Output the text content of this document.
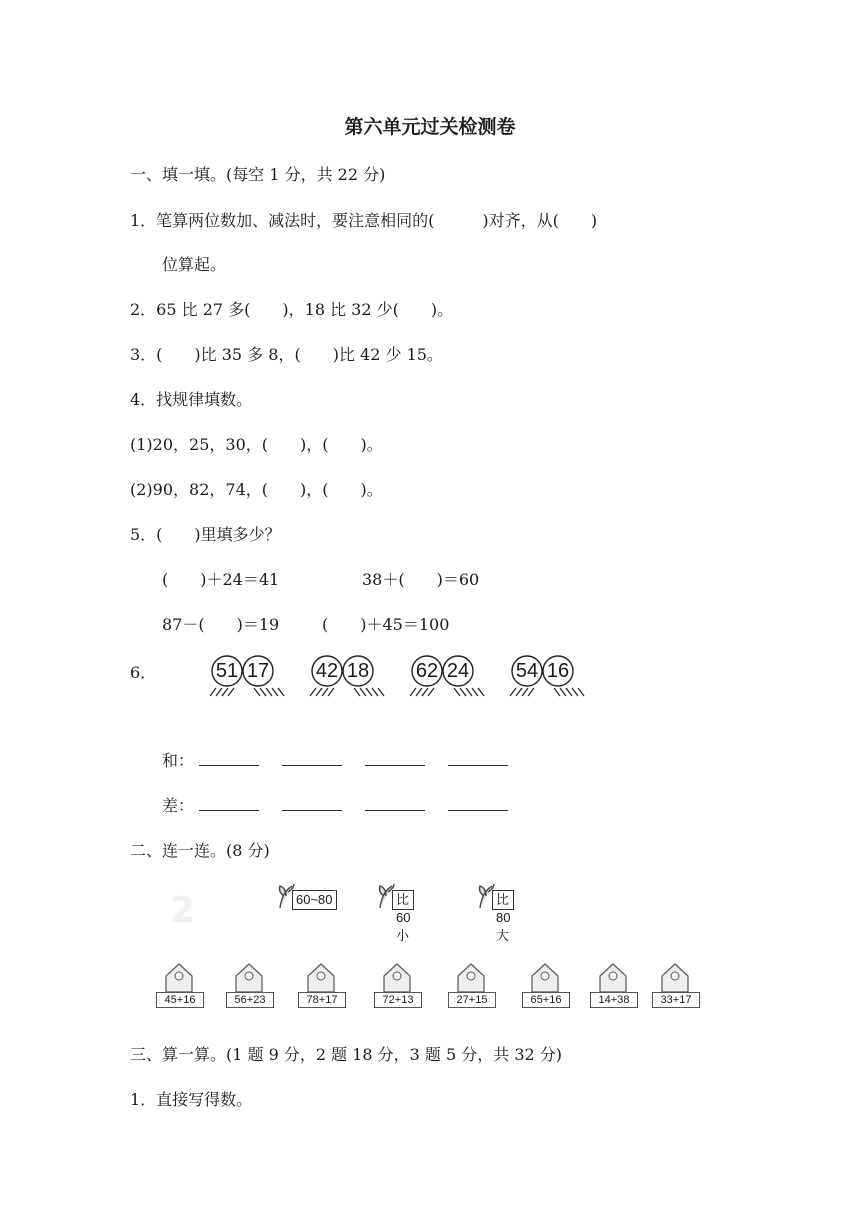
2

第六单元过关检测卷
一、填一填。(每空 1 分，共 22 分)
1．笔算两位数加、减法时，要注意相同的(　　　)对齐，从(　　)
位算起。
2．65 比 27 多(　　)，18 比 32 少(　　)。
3．(　　)比 35 多 8，(　　)比 42 少 15。
4．找规律填数。
(1)20，25，30，(　　)，(　　)。
(2)90，82，74，(　　)，(　　)。
5．(　　)里填多少？
(　　)＋24＝41	38＋(　　)＝60
87－(　　)＝19	(　　)＋45＝100
6．	51 17 42 18 62 24 54 16
和：
差：
二、连一连。(8 分)
60~80	比60小
比80大
45+16	56+23	78+17	72+13	27+15	65+16	14+38	33+17
三、算一算。(1 题 9 分，2 题 18 分，3 题 5 分，共 32 分)
1．直接写得数。
